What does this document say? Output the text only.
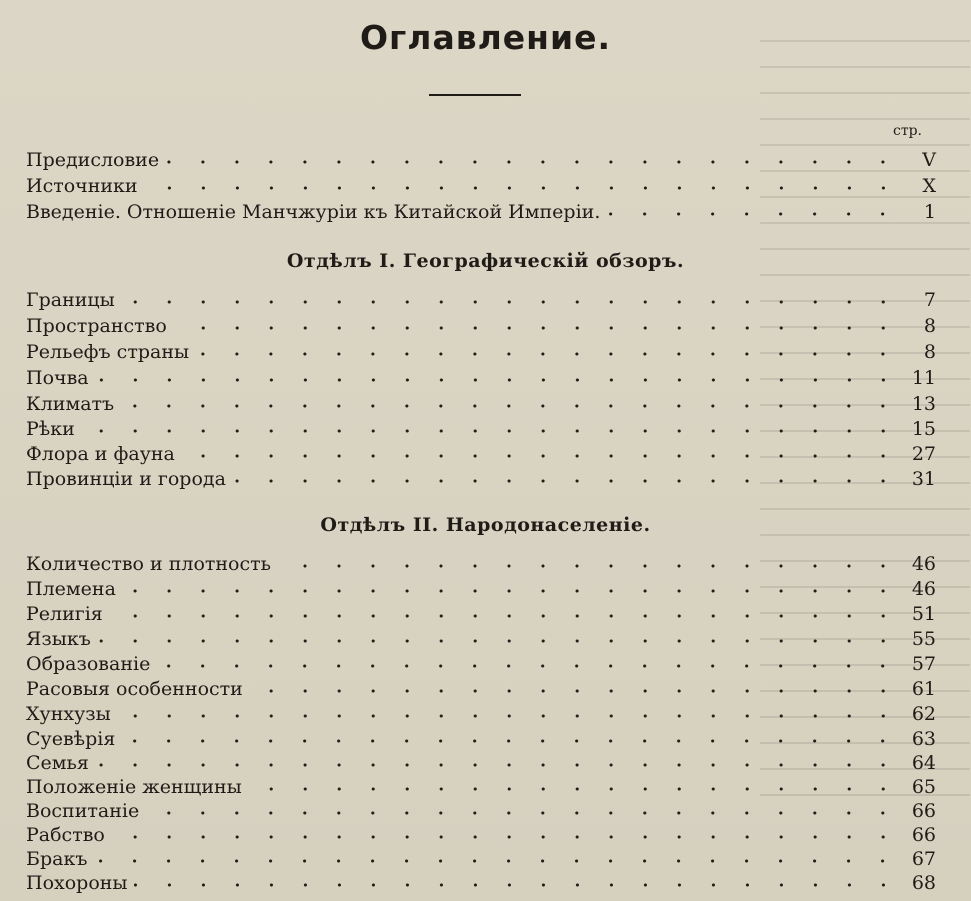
Оглавление.
стр.
Предисловие	V
Источники	X
Введеніе. Отношеніе Манчжуріи къ Китайской Имперіи.	1
Отдѣлъ I. Географическій обзоръ.
Границы	7
Пространство	8
Рельефъ страны	8
Почва	11
Климатъ	13
Рѣки	15
Флора и фауна	27
Провинціи и города	31
Отдѣлъ II. Народонаселеніе.
Количество и плотность	46
Племена	46
Религія	51
Языкъ	55
Образованіе	57
Расовыя особенности	61
Хунхузы	62
Суевѣрія	63
Семья	64
Положеніе женщины	65
Воспитаніе	66
Рабство	66
Бракъ	67
Похороны	68
